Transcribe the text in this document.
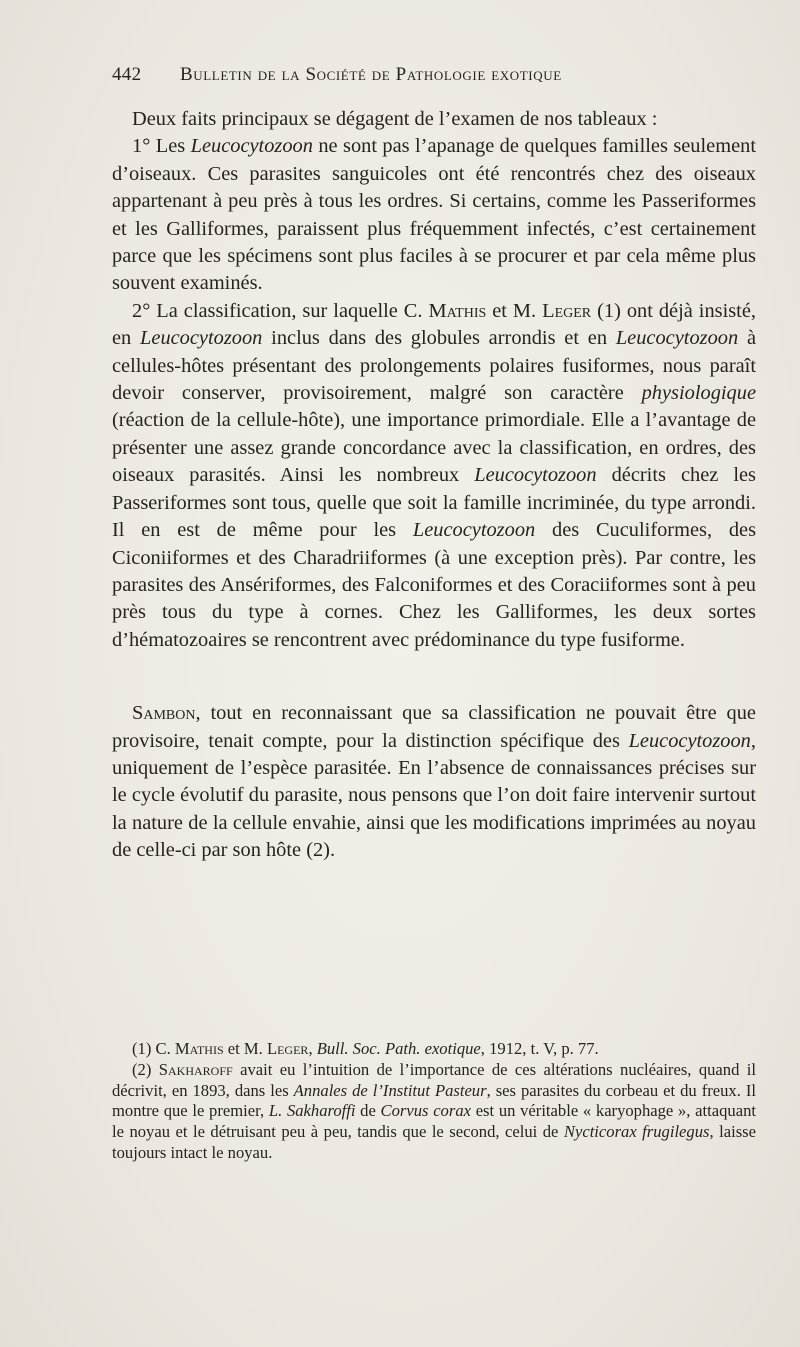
442	Bulletin de la Société de Pathologie exotique

Deux faits principaux se dégagent de l’examen de nos tableaux :

1° Les Leucocytozoon ne sont pas l’apanage de quelques familles seulement d’oiseaux. Ces parasites sanguicoles ont été rencontrés chez des oiseaux appartenant à peu près à tous les ordres. Si certains, comme les Passeriformes et les Galliformes, paraissent plus fréquemment infectés, c’est certainement parce que les spécimens sont plus faciles à se procurer et par cela même plus souvent examinés.

2° La classification, sur laquelle C. Mathis et M. Leger (1) ont déjà insisté, en Leucocytozoon inclus dans des globules arrondis et en Leucocytozoon à cellules-hôtes présentant des prolongements polaires fusiformes, nous paraît devoir conserver, provisoirement, malgré son caractère physiologique (réaction de la cellule-hôte), une importance primordiale. Elle a l’avantage de présenter une assez grande concordance avec la classification, en ordres, des oiseaux parasités. Ainsi les nombreux Leucocytozoon décrits chez les Passeriformes sont tous, quelle que soit la famille incriminée, du type arrondi. Il en est de même pour les Leucocytozoon des Cuculiformes, des Ciconiiformes et des Charadriiformes (à une exception près). Par contre, les parasites des Ansériformes, des Falconiformes et des Coraciiformes sont à peu près tous du type à cornes. Chez les Galliformes, les deux sortes d’hématozoaires se rencontrent avec prédominance du type fusiforme.

Sambon, tout en reconnaissant que sa classification ne pouvait être que provisoire, tenait compte, pour la distinction spécifique des Leucocytozoon, uniquement de l’espèce parasitée. En l’absence de connaissances précises sur le cycle évolutif du parasite, nous pensons que l’on doit faire intervenir surtout la nature de la cellule envahie, ainsi que les modifications imprimées au noyau de celle-ci par son hôte (2).

(1) C. Mathis et M. Leger, Bull. Soc. Path. exotique, 1912, t. V, p. 77.

(2) Sakharoff avait eu l’intuition de l’importance de ces altérations nucléaires, quand il décrivit, en 1893, dans les Annales de l’Institut Pasteur, ses parasites du corbeau et du freux. Il montre que le premier, L. Sakharoffi de Corvus corax est un véritable « karyophage », attaquant le noyau et le détruisant peu à peu, tandis que le second, celui de Nycticorax frugilegus, laisse toujours intact le noyau.
